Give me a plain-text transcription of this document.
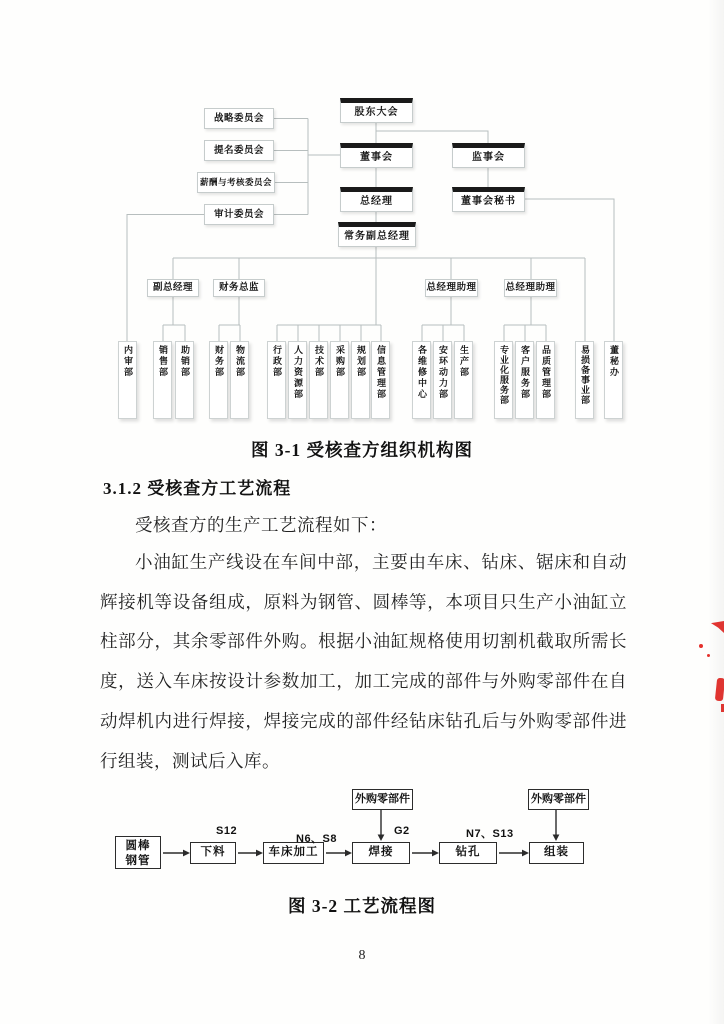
股东大会
战略委员会
提名委员会
薪酬与考核委员会
审计委员会
董事会	监事会
总经理	董事会秘书
常务副总经理
副总经理	财务总监	总经理助理	总经理助理
内审部	销售部	助销部	财务部	物流部	行政部	人力资源部	技术部	采购部	规划部	信息管理部	各维修中心	安环动力部	生产部	专业化服务部	客户服务部	品质管理部	易损备事业部	董秘办
图 3-1 受核查方组织机构图
3.1.2 受核查方工艺流程
受核查方的生产工艺流程如下：
小油缸生产线设在车间中部，主要由车床、钻床、锯床和自动辉接机等设备组成，原料为钢管、圆棒等，本项目只生产小油缸立柱部分，其余零部件外购。根据小油缸规格使用切割机截取所需长度，送入车床按设计参数加工，加工完成的部件与外购零部件在自动焊机内进行焊接，焊接完成的部件经钻床钻孔后与外购零部件进行组装，测试后入库。
圆棒
钢管
下料	车床加工	焊接	钻孔	组装
外购零部件	外购零部件
S12
N6、S8
G2	N7、S13
图 3-2 工艺流程图
8
